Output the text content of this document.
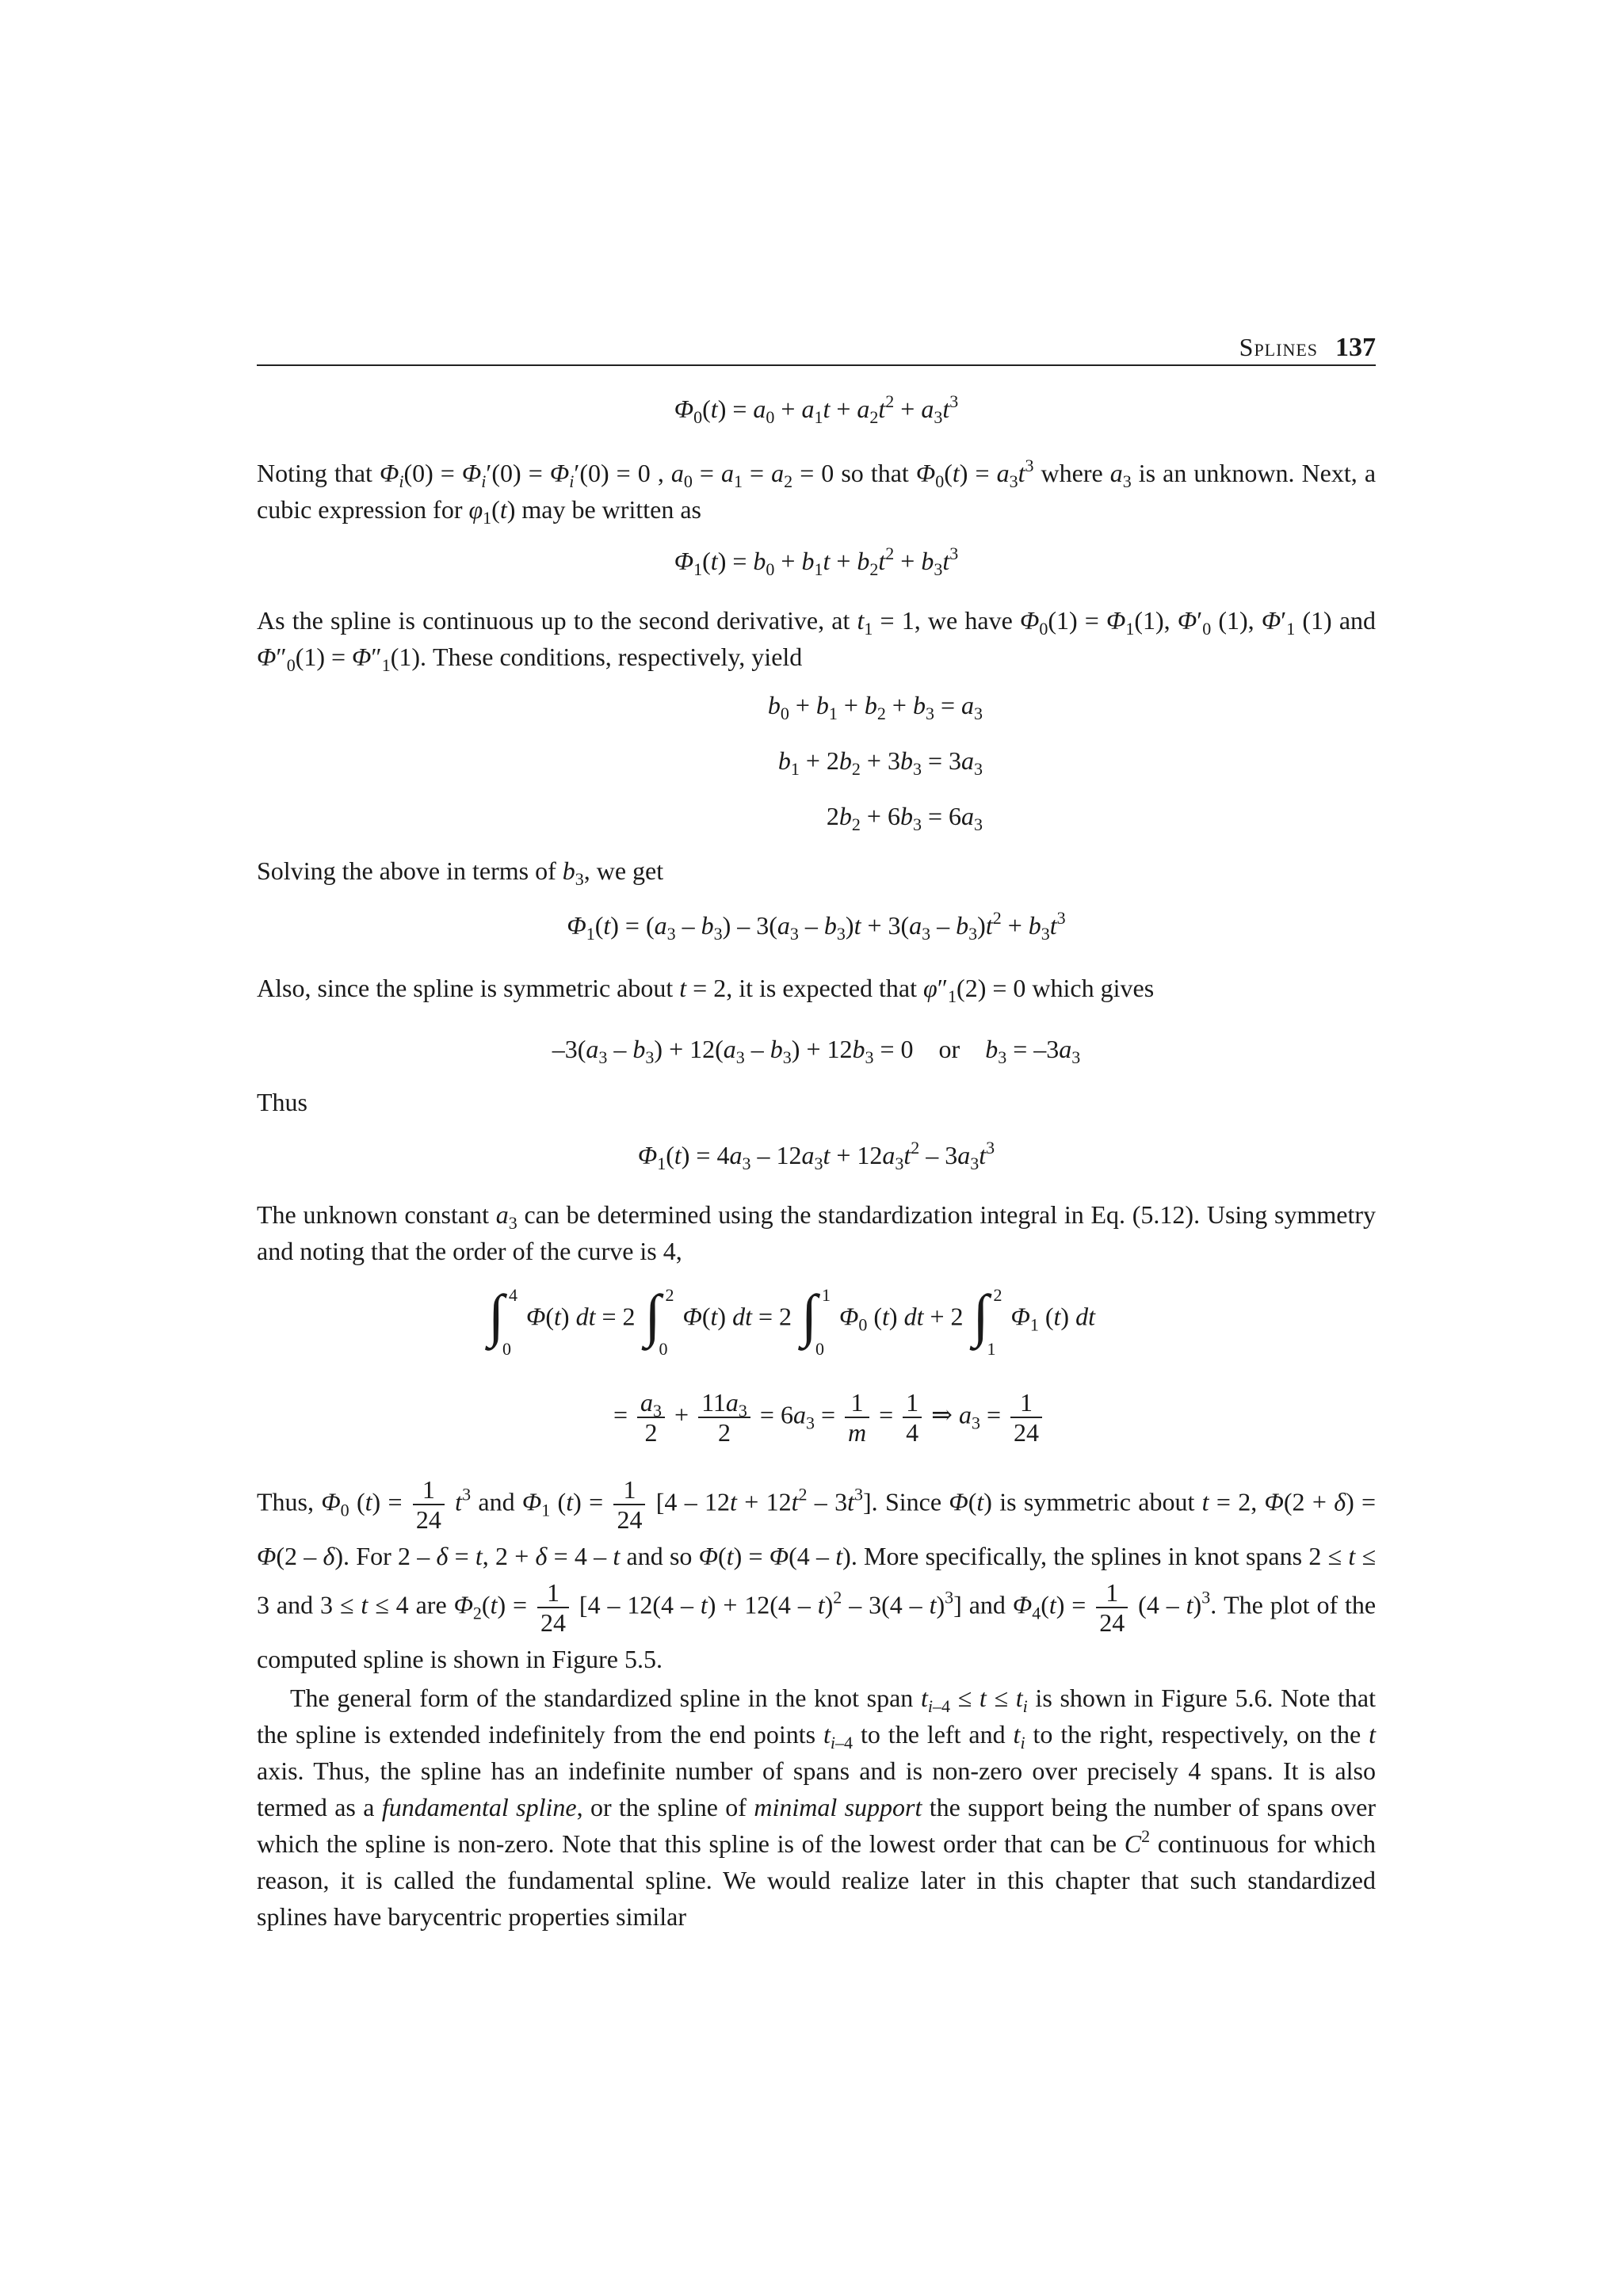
Splines 137
$\Phi_0(t) = a_0 + a_1t + a_2t^2 + a_3t^3$

Noting that $\Phi_i(0) = \Phi_i'(0) = \Phi_i'(0) = 0$ , $a_0 = a_1 = a_2 = 0$ so that $\Phi_0(t) = a_3t^3$ where $a_3$ is an unknown. Next, a cubic expression for $\varphi_1(t)$ may be written as

$\Phi_1(t) = b_0 + b_1t + b_2t^2 + b_3t^3$

As the spline is continuous up to the second derivative, at $t_1 = 1$, we have $\Phi_0(1) = \Phi_1(1)$, $\Phi'_0$ (1), $\Phi'_1$ (1) and $\Phi''_0(1) = \Phi''_1(1)$. These conditions, respectively, yield

$b_0 + b_1 + b_2 + b_3 = a_3$
$b_1 + 2b_2 + 3b_3 = 3a_3$
$2b_2 + 6b_3 = 6a_3$

Solving the above in terms of $b_3$, we get

$\Phi_1(t) = (a_3 - b_3) - 3(a_3 - b_3)t + 3(a_3 - b_3)t^2 + b_3t^3$

Also, since the spline is symmetric about t = 2, it is expected that $\varphi''_1(2) = 0$ which gives

$-3(a_3 - b_3) + 12(a_3 - b_3) + 12b_3 = 0$    or    $b_3 = -3a_3$

Thus

$\Phi_1(t) = 4a_3 - 12a_3t + 12a_3t^2 - 3a_3t^3$

The unknown constant $a_3$ can be determined using the standardization integral in Eq. (5.12). Using symmetry and noting that the order of the curve is 4,

∫ 4
0
Φ(t) dt = 2 ∫ 2
0
Φ(t) dt = 2 ∫ 1
0
$\Phi_0$ (t) dt + 2 ∫ 2
1
$\Phi_1$ (t) dt
= $\frac{a_3}{2} + \frac{11a_3}{2} = 6a_3 = \frac{1}{m} = \frac{1}{4}$ ⇒ $a_3 = \frac{1}{24}$

Thus, $\Phi_0$ $(t) = \frac{1}{24} t^3$ and $\Phi_1$ $(t) = \frac{1}{24} [4 - 12t + 12t^2 - 3t^3]$. Since Φ(t) is symmetric about t = 2, Φ(2 + δ) = Φ(2 – δ). For 2 – δ = t, 2 + δ = 4 – t and so Φ(t) = Φ(4 – t). More specifically, the splines in knot spans 2 ≤ t ≤ 3 and 3 ≤ t ≤ 4 are $\Phi_2(t) = \frac{1}{24} [4 - 12(4 - t) + 12(4 - t)^2 - 3(4 - t)^3]$ and $\Phi_4(t) = \frac{1}{24} (4 - t)^3$. The plot of the computed spline is shown in Figure 5.5.

The general form of the standardized spline in the knot span $t_{i-4} \le t \le t_i$ is shown in Figure 5.6. Note that the spline is extended indefinitely from the end points $t_{i-4}$ to the left and $t_i$ to the right, respectively, on the t axis. Thus, the spline has an indefinite number of spans and is non-zero over precisely 4 spans. It is also termed as a fundamental spline, or the spline of minimal support the support being the number of spans over which the spline is non-zero. Note that this spline is of the lowest order that can be $C^2$ continuous for which reason, it is called the fundamental spline. We would realize later in this chapter that such standardized splines have barycentric properties similar
